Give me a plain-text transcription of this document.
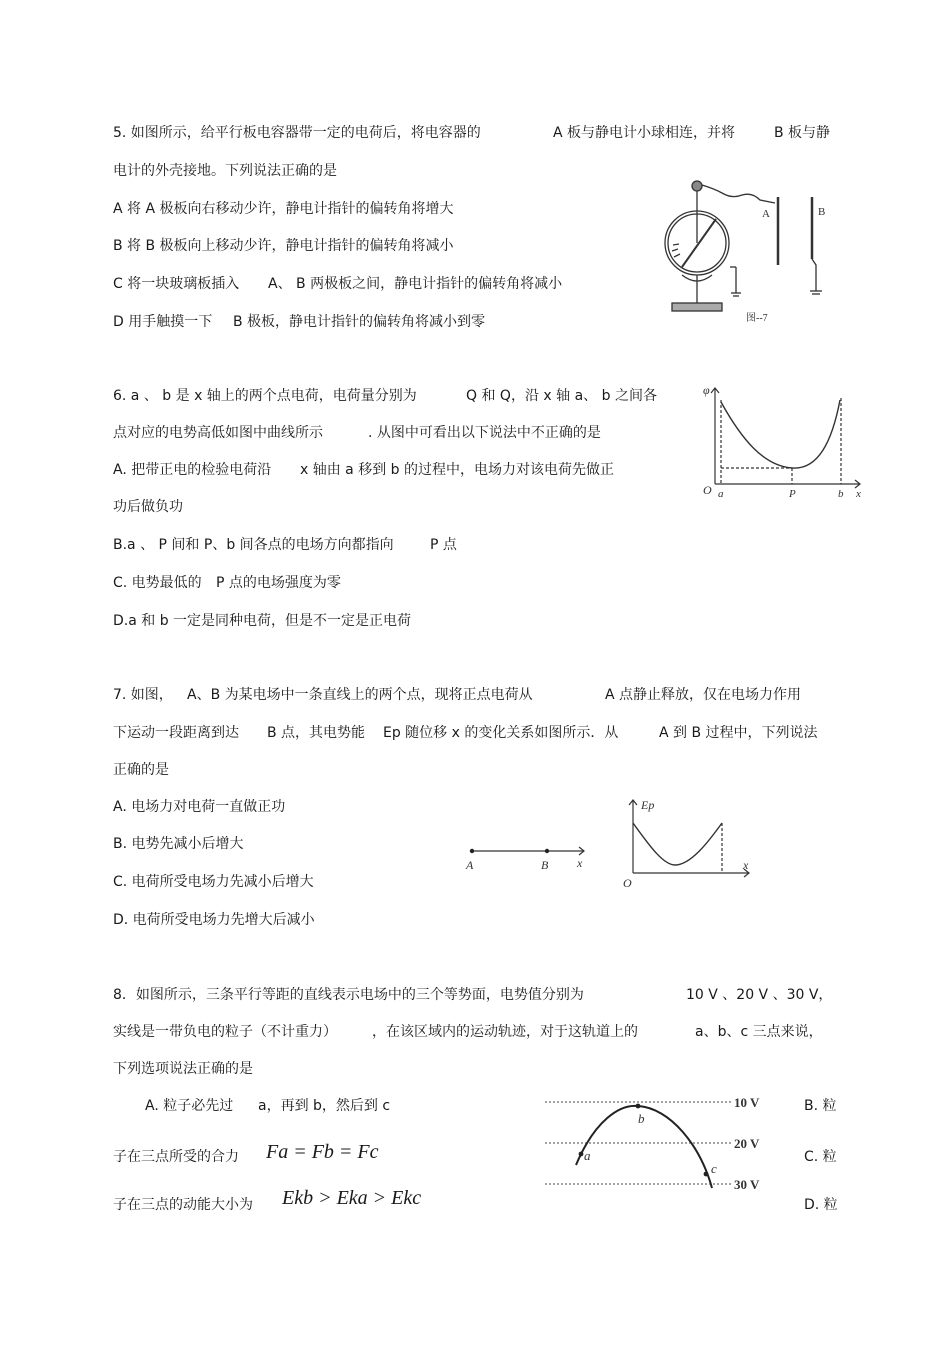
5. 如图所示，给平行板电容器带一定的电荷后，将电容器的	A 板与静电计小球相连，并将	B 板与静
电计的外壳接地。下列说法正确的是
A 将 A 极板向右移动少许，静电计指针的偏转角将增大
B 将 B 极板向上移动少许，静电计指针的偏转角将减小
C 将一块玻璃板插入 A、 B 两极板之间，静电计指针的偏转角将减小
D 用手触摸一下 B 极板，静电计指针的偏转角将减小到零
A	B
图--7
6. a 、 b 是 x 轴上的两个点电荷，电荷量分别为	Q 和 Q，沿 x 轴 a、 b 之间各
点对应的电势高低如图中曲线所示	. 从图中可看出以下说法中不正确的是
A. 把带正电的检验电荷沿 x 轴由 a 移到 b 的过程中，电场力对该电荷先做正
功后做负功
B.a 、 P 间和 P、b 间各点的电场方向都指向	P 点
C. 电势最低的 P 点的电场强度为零
D.a 和 b 一定是同种电荷，但是不一定是正电荷
φ
O a	P	b x
7. 如图， A、B 为某电场中一条直线上的两个点，现将正点电荷从	A 点静止释放，仅在电场力作用
下运动一段距离到达 B 点，其电势能 Ep 随位移 x 的变化关系如图所示．从	A 到 B 过程中，下列说法
正确的是
A. 电场力对电荷一直做正功
B. 电势先减小后增大
C. 电荷所受电场力先减小后增大
D. 电荷所受电场力先增大后减小
A	B x
Ep
O
x
8．如图所示，三条平行等距的直线表示电场中的三个等势面，电势值分别为	10 V 、20 V 、30 V，
实线是一带负电的粒子（不计重力）	，在该区域内的运动轨迹，对于这轨道上的	a、b、c 三点来说，
下列选项说法正确的是
A. 粒子必先过 a，再到 b，然后到 c	B. 粒
子在三点所受的合力 Fa = Fb = Fc	C. 粒
子在三点的动能大小为 Ekb > Eka > Ekc	D. 粒
a
b
c
10 V
20 V
30 V
